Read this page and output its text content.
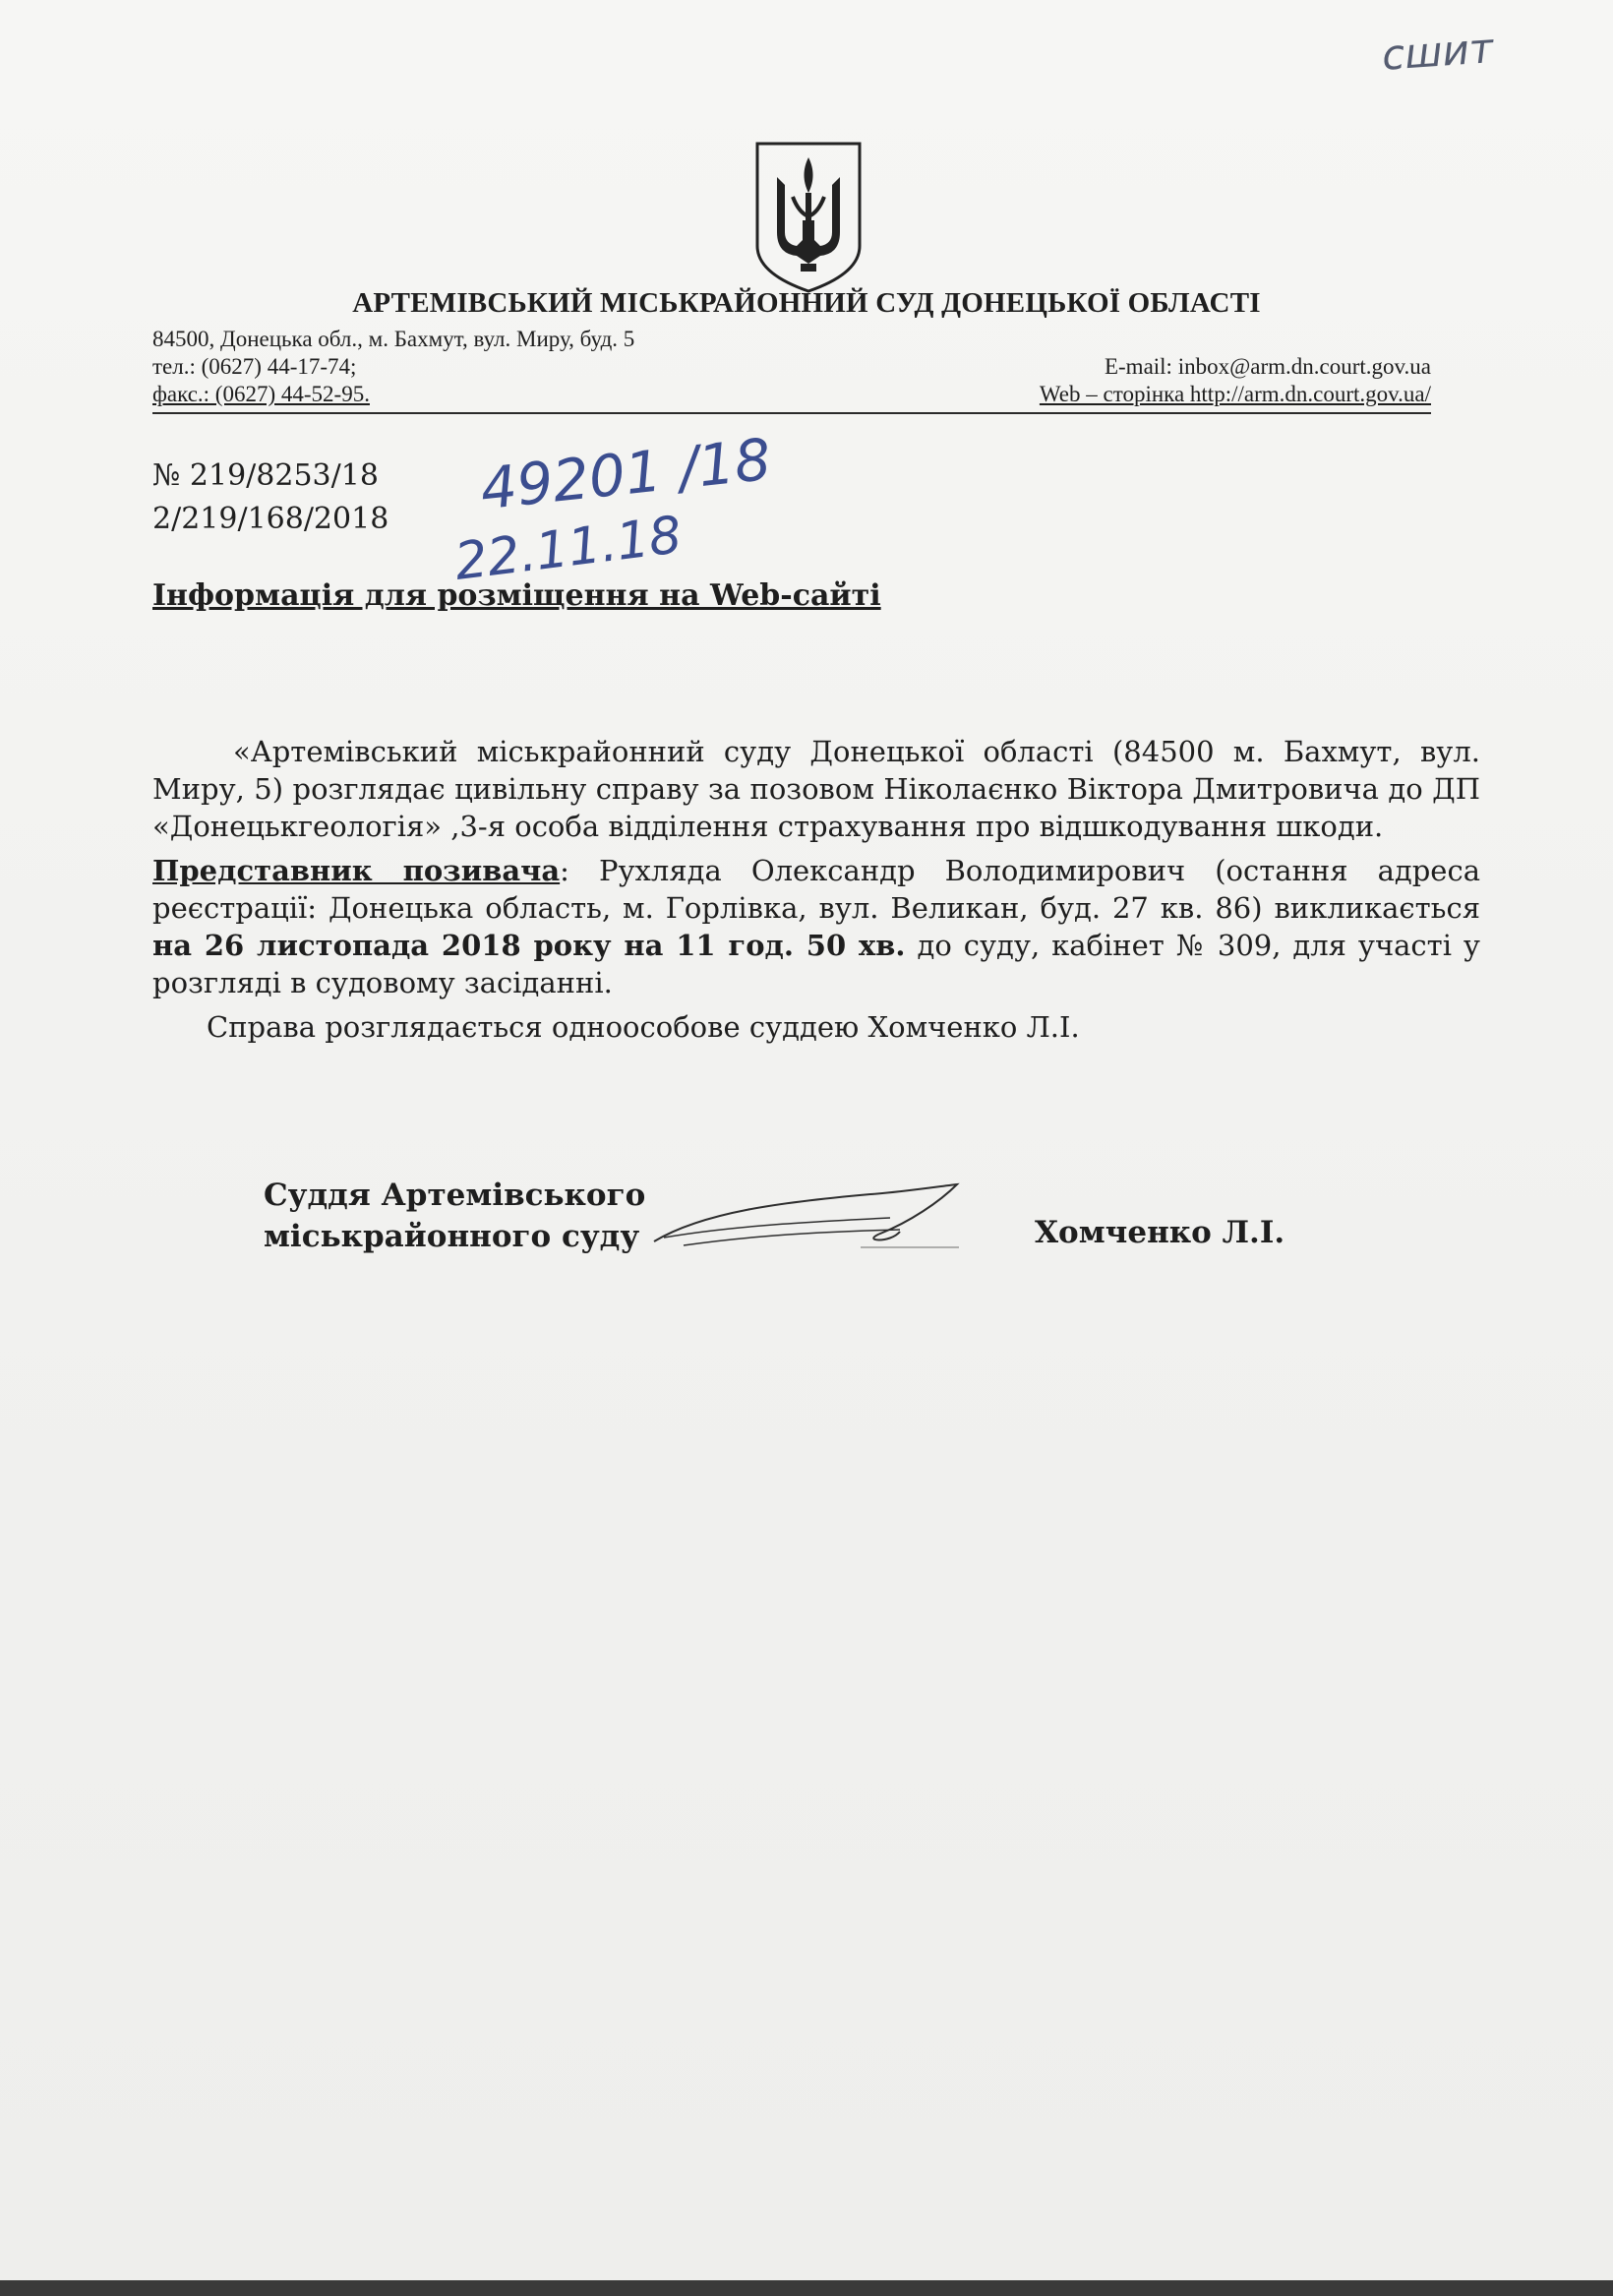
сшит
АРТЕМІВСЬКИЙ МІСЬКРАЙОННИЙ СУД ДОНЕЦЬКОЇ ОБЛАСТІ
84500, Донецька обл., м. Бахмут, вул. Миру, буд. 5
тел.: (0627) 44-17-74;
факс.: (0627) 44-52-95.
E-mail: inbox@arm.dn.court.gov.ua
Web – сторінка http://arm.dn.court.gov.ua/
№ 219/8253/18
2/219/168/2018 49201 /18
22.11.18
Інформація для розміщення на Web-сайті
«Артемівський міськрайонний суду Донецької області (84500 м. Бахмут, вул. Миру, 5) розглядає цивільну справу за позовом Ніколаєнко Віктора Дмитровича до ДП «Донецькгеологія» ,3-я особа відділення страхування про відшкодування шкоди.
Представник позивача: Рухляда Олександр Володимирович (остання адреса реєстрації: Донецька область, м. Горлівка, вул. Великан, буд. 27 кв. 86) викликається на 26 листопада 2018 року на 11 год. 50 хв. до суду, кабінет № 309, для участі у розгляді в судовому засіданні.
Справа розглядається одноособове суддею Хомченко Л.І.
Суддя Артемівського
міськрайонного суду	Хомченко Л.І.
